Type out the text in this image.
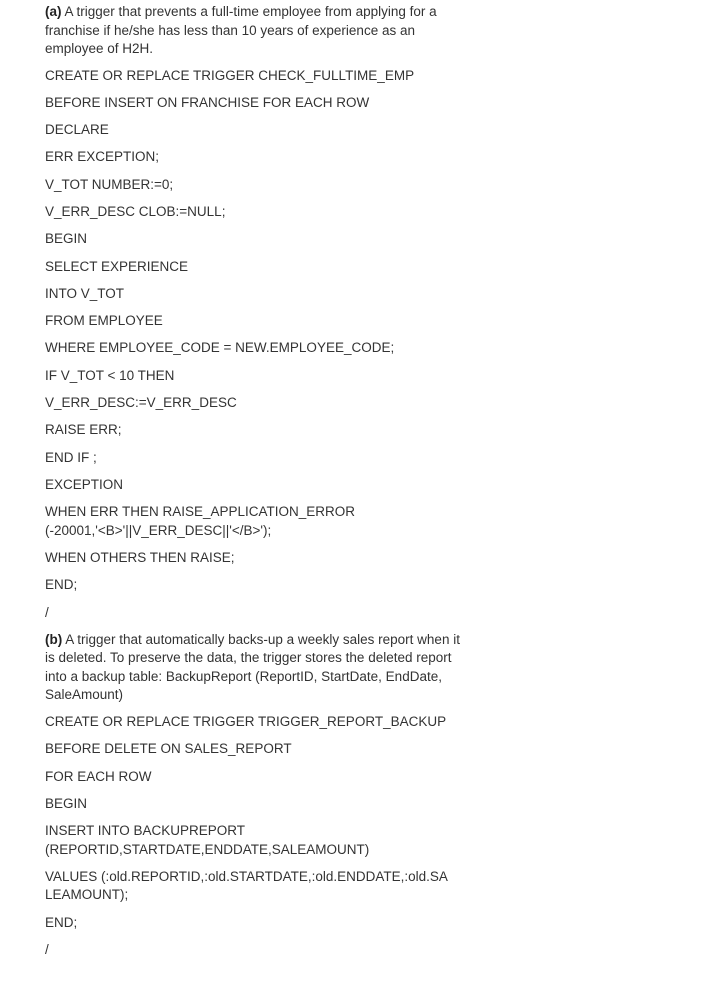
(a) A trigger that prevents a full-time employee from applying for a franchise if he/she has less than 10 years of experience as an employee of H2H.

CREATE OR REPLACE TRIGGER CHECK_FULLTIME_EMP

BEFORE INSERT ON FRANCHISE FOR EACH ROW

DECLARE

ERR EXCEPTION;

V_TOT NUMBER:=0;

V_ERR_DESC CLOB:=NULL;

BEGIN

SELECT EXPERIENCE

INTO V_TOT

FROM EMPLOYEE

WHERE EMPLOYEE_CODE = NEW.EMPLOYEE_CODE;

IF V_TOT < 10 THEN

V_ERR_DESC:=V_ERR_DESC

RAISE ERR;

END IF ;

EXCEPTION

WHEN ERR THEN RAISE_APPLICATION_ERROR (-20001,'<B>'||V_ERR_DESC||'</B>');

WHEN OTHERS THEN RAISE;

END;

/

(b) A trigger that automatically backs-up a weekly sales report when it is deleted. To preserve the data, the trigger stores the deleted report into a backup table: BackupReport (ReportID, StartDate, EndDate, SaleAmount)

CREATE OR REPLACE TRIGGER TRIGGER_REPORT_BACKUP

BEFORE DELETE ON SALES_REPORT

FOR EACH ROW

BEGIN

INSERT INTO BACKUPREPORT (REPORTID,STARTDATE,ENDDATE,SALEAMOUNT)

VALUES (:old.REPORTID,:old.STARTDATE,:old.ENDDATE,:old.SALEAMOUNT);

END;

/
